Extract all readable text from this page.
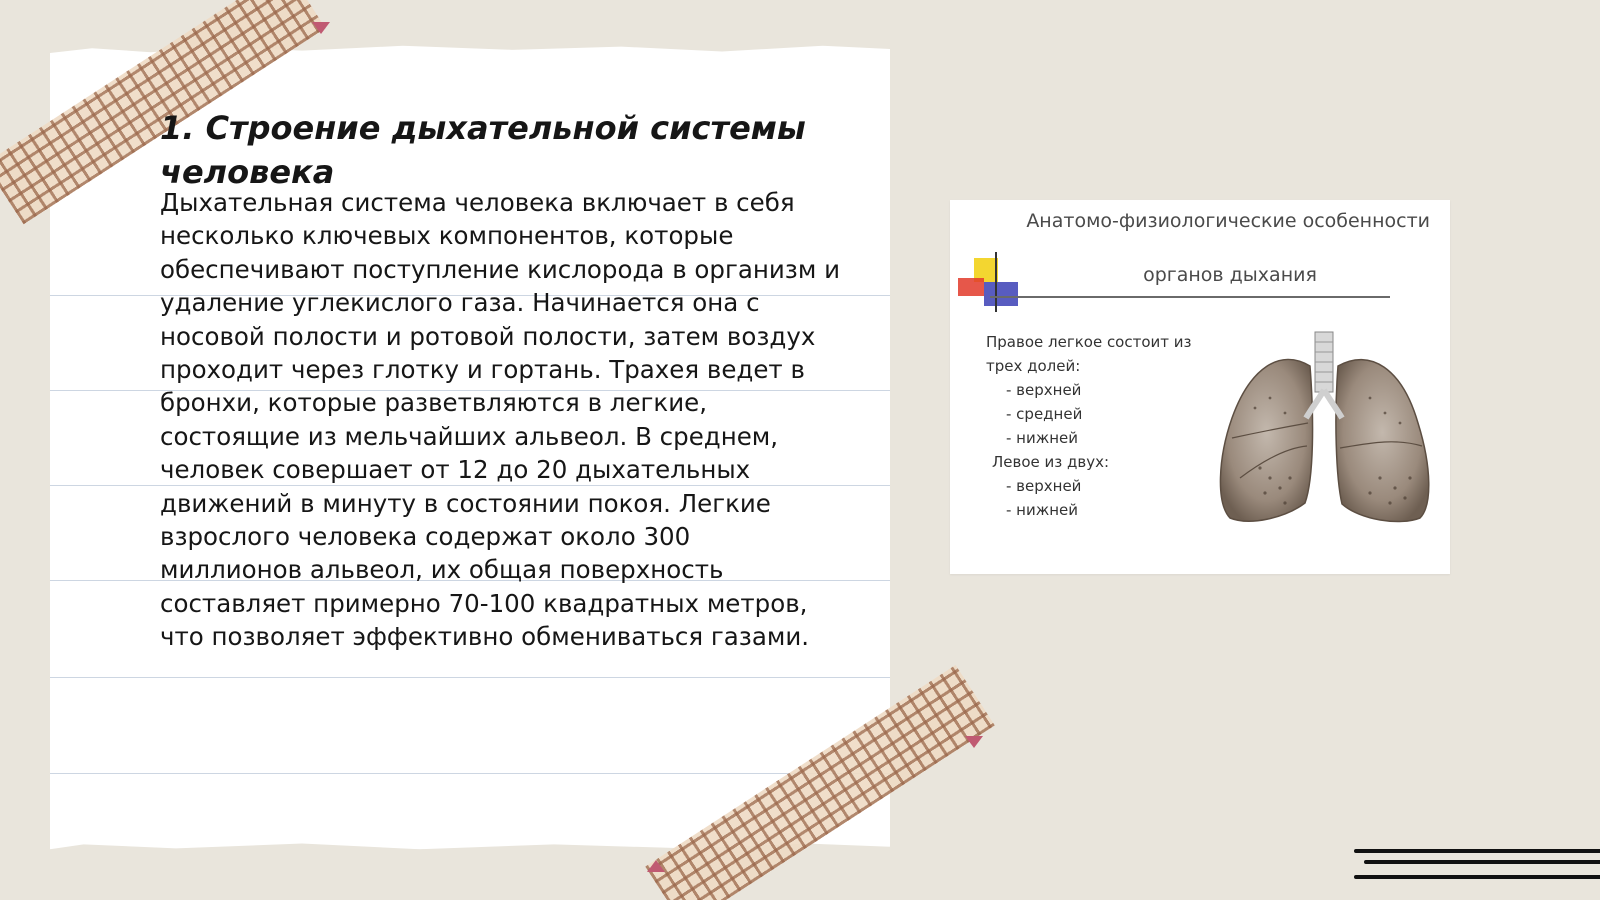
1. Строение дыхательной системы человека

Дыхательная система человека включает в себя несколько ключевых компонентов, которые обеспечивают поступление кислорода в организм и удаление углекислого газа. Начинается она с носовой полости и ротовой полости, затем воздух проходит через глотку и гортань. Трахея ведет в бронхи, которые разветвляются в легкие, состоящие из мельчайших альвеол. В среднем, человек совершает от 12 до 20 дыхательных движений в минуту в состоянии покоя. Легкие взрослого человека содержат около 300 миллионов альвеол, их общая поверхность составляет примерно 70-100 квадратных метров, что позволяет эффективно обмениваться газами.

Анатомо-физиологические особенности

органов дыхания

Правое легкое состоит из
трех долей:
- верхней
- средней
- нижней
Левое из двух:
- верхней
- нижней
